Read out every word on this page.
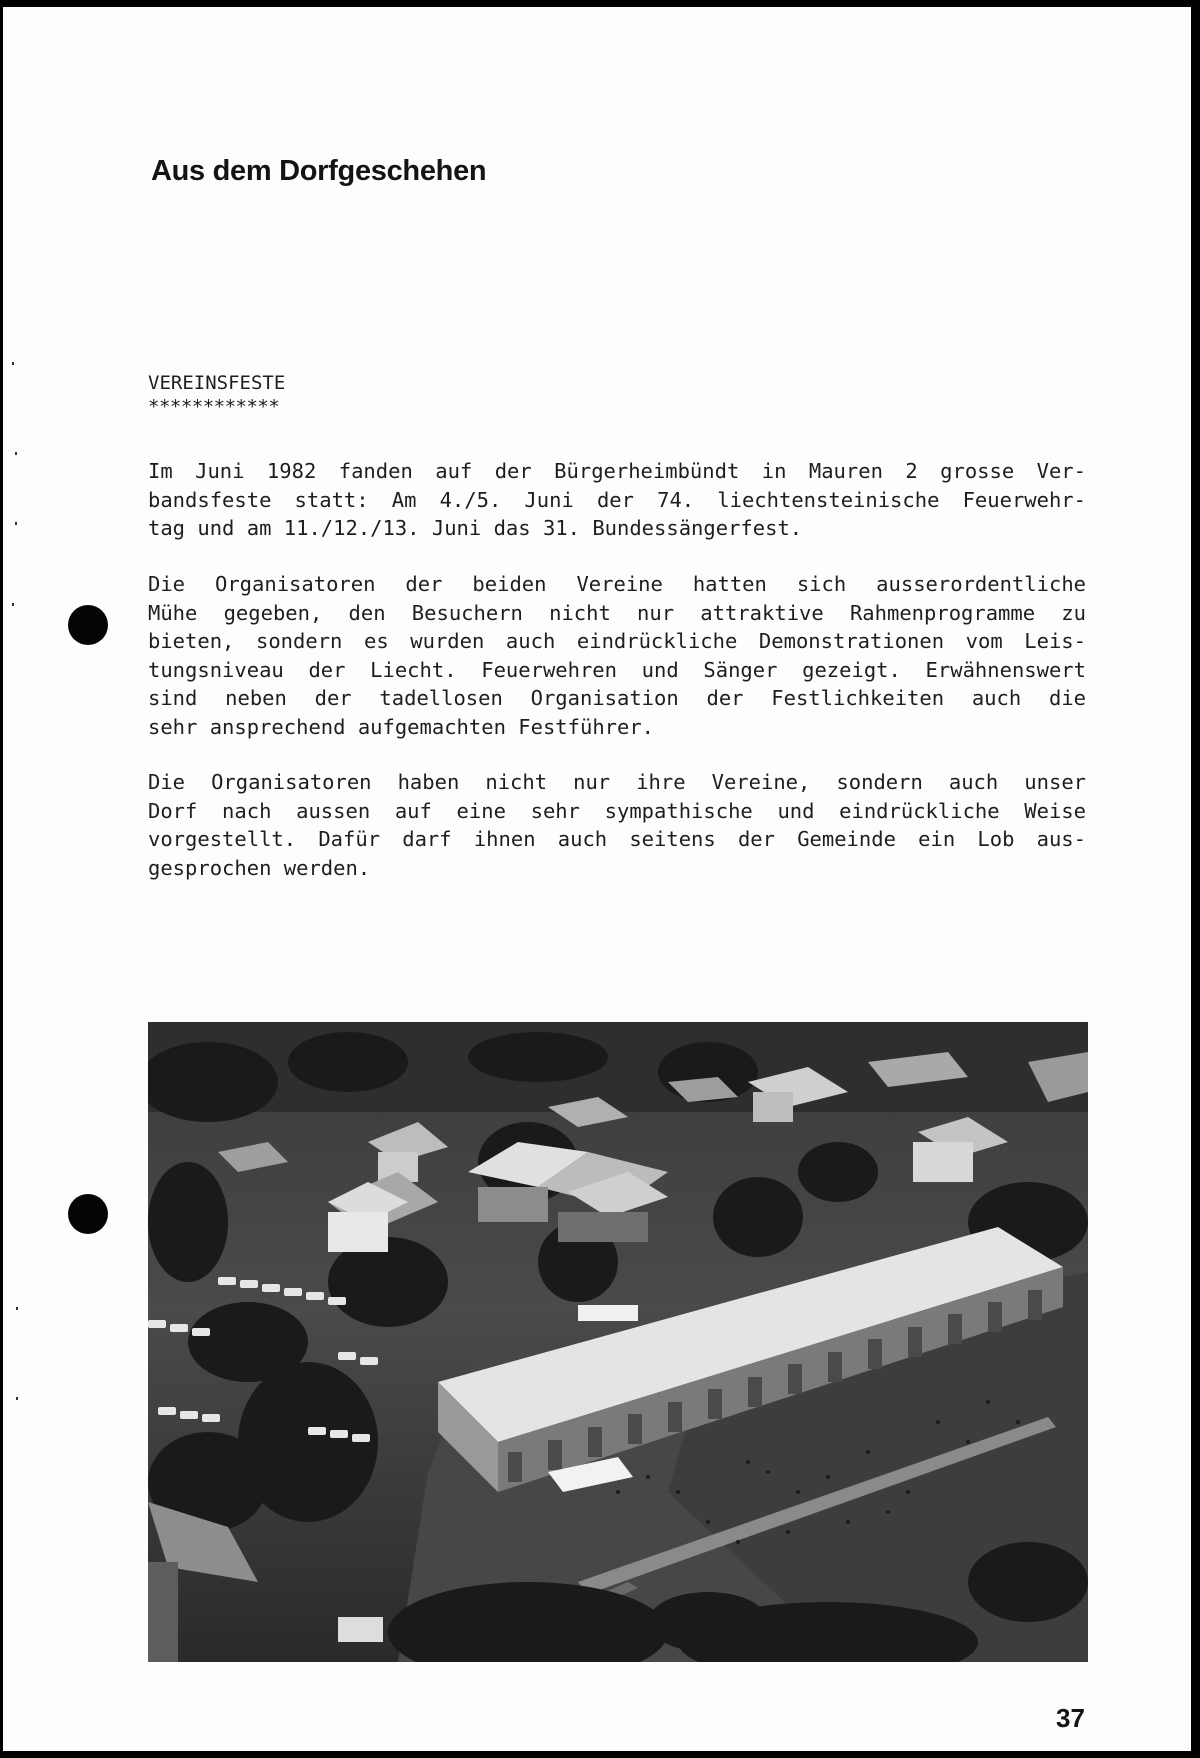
Aus dem Dorfgeschehen
VEREINSFESTE
************
Im Juni 1982 fanden auf der Bürgerheimbündt in Mauren 2 grosse Ver-
bandsfeste statt: Am 4./5. Juni der 74. liechtensteinische Feuerwehr-
tag und am 11./12./13. Juni das 31. Bundessängerfest.
Die Organisatoren der beiden Vereine hatten sich ausserordentliche
Mühe gegeben, den Besuchern nicht nur attraktive Rahmenprogramme zu
bieten, sondern es wurden auch eindrückliche Demonstrationen vom Leis-
tungsniveau der Liecht. Feuerwehren und Sänger gezeigt. Erwähnenswert
sind neben der tadellosen Organisation der Festlichkeiten auch die
sehr ansprechend aufgemachten Festführer.
Die Organisatoren haben nicht nur ihre Vereine, sondern auch unser
Dorf nach aussen auf eine sehr sympathische und eindrückliche Weise
vorgestellt. Dafür darf ihnen auch seitens der Gemeinde ein Lob aus-
gesprochen werden.
37
